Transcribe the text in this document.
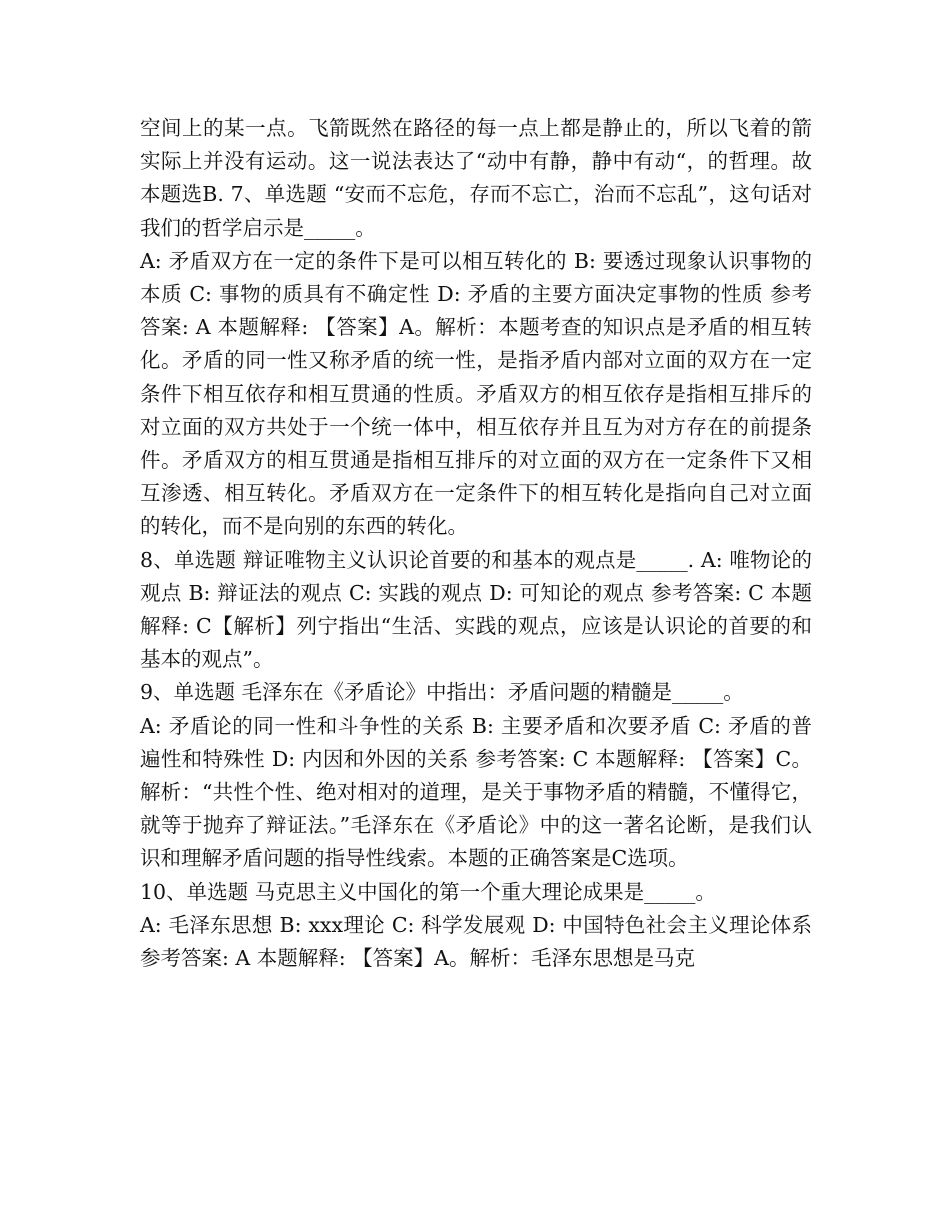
空间上的某一点。飞箭既然在路径的每一点上都是静止的，所以飞着的箭实际上并没有运动。这一说法表达了“动中有静，静中有动“，的哲理。故本题选B. 7、单选题 “安而不忘危，存而不忘亡，治而不忘乱”，这句话对我们的哲学启示是_____。

A: 矛盾双方在一定的条件下是可以相互转化的 B: 要透过现象认识事物的本质 C: 事物的质具有不确定性 D: 矛盾的主要方面决定事物的性质 参考答案: A 本题解释: 【答案】A。解析：本题考查的知识点是矛盾的相互转化。矛盾的同一性又称矛盾的统一性，是指矛盾内部对立面的双方在一定条件下相互依存和相互贯通的性质。矛盾双方的相互依存是指相互排斥的对立面的双方共处于一个统一体中，相互依存并且互为对方存在的前提条件。矛盾双方的相互贯通是指相互排斥的对立面的双方在一定条件下又相互渗透、相互转化。矛盾双方在一定条件下的相互转化是指向自己对立面的转化，而不是向别的东西的转化。

8、单选题 辩证唯物主义认识论首要的和基本的观点是_____. A: 唯物论的观点 B: 辩证法的观点 C: 实践的观点 D: 可知论的观点 参考答案: C 本题解释: C【解析】列宁指出“生活、实践的观点，应该是认识论的首要的和基本的观点”。

9、单选题 毛泽东在《矛盾论》中指出：矛盾问题的精髓是_____。

A: 矛盾论的同一性和斗争性的关系 B: 主要矛盾和次要矛盾 C: 矛盾的普遍性和特殊性 D: 内因和外因的关系 参考答案: C 本题解释: 【答案】C。解析：“共性个性、绝对相对的道理，是关于事物矛盾的精髓，不懂得它，就等于抛弃了辩证法。”毛泽东在《矛盾论》中的这一著名论断，是我们认识和理解矛盾问题的指导性线索。本题的正确答案是C选项。

10、单选题 马克思主义中国化的第一个重大理论成果是_____。

A: 毛泽东思想 B: xxx理论 C: 科学发展观 D: 中国特色社会主义理论体系 参考答案: A 本题解释: 【答案】A。解析：毛泽东思想是马克
